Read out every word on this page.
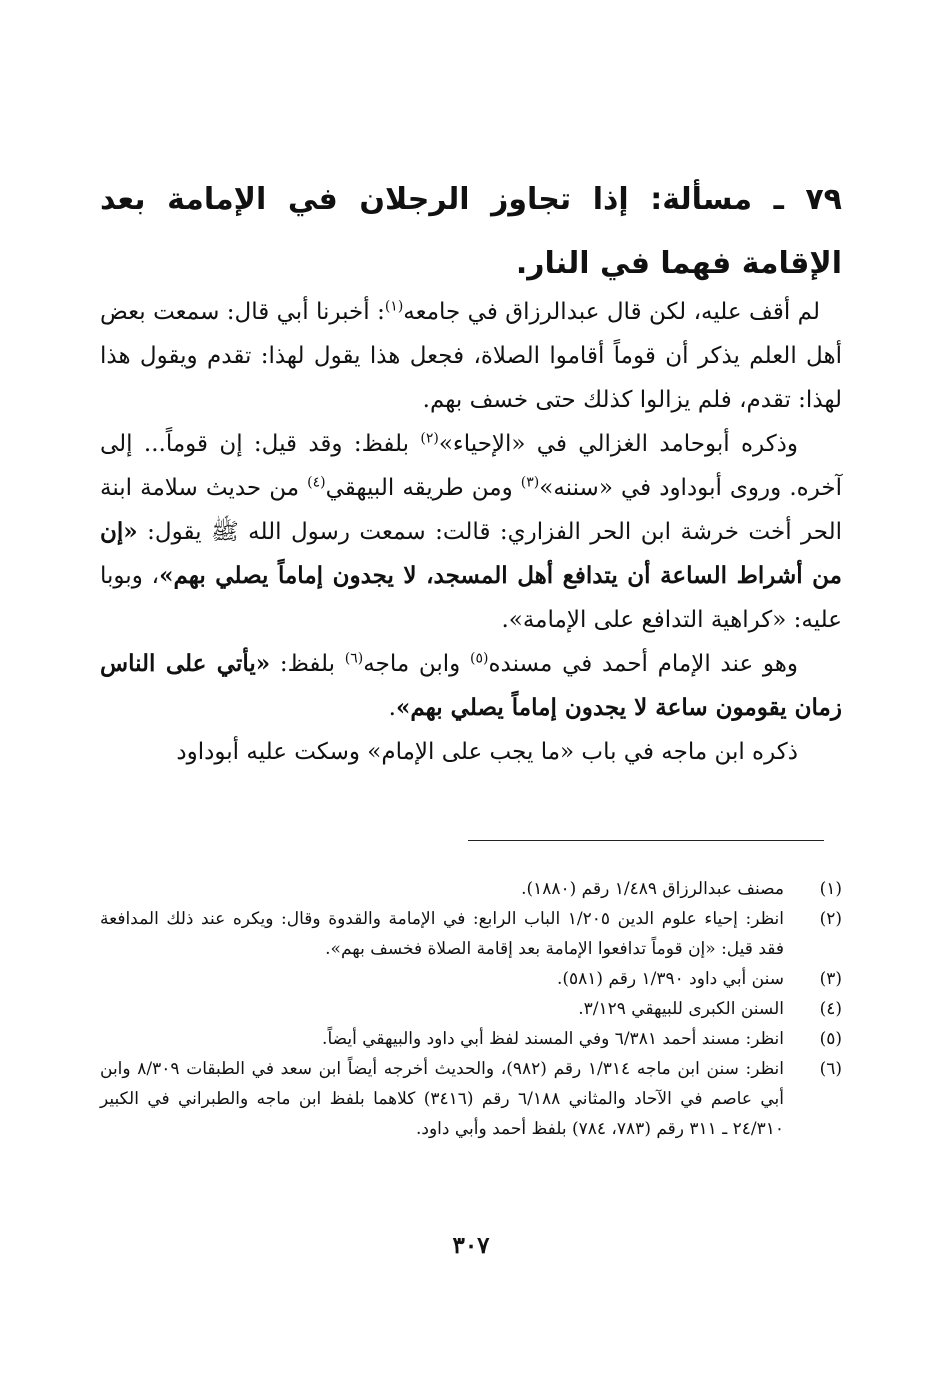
٧٩ ـ مسألة: إذا تجاوز الرجلان في الإمامة بعد الإقامة فهما في النار.

لم أقف عليه، لكن قال عبدالرزاق في جامعه$^{(١)}$: أخبرنا أبي قال: سمعت بعض أهل العلم يذكر أن قوماً أقاموا الصلاة، فجعل هذا يقول لهذا: تقدم ويقول هذا لهذا: تقدم، فلم يزالوا كذلك حتى خسف بهم.

وذكره أبوحامد الغزالي في «الإحياء»$^{(٢)}$ بلفظ: وقد قيل: إن قوماً... إلى آخره. وروى أبوداود في «سننه»$^{(٣)}$ ومن طريقه البيهقي$^{(٤)}$ من حديث سلامة ابنة الحر أخت خرشة ابن الحر الفزاري: قالت: سمعت رسول الله ﷺ يقول: «إن من أشراط الساعة أن يتدافع أهل المسجد، لا يجدون إماماً يصلي بهم»، وبوبا عليه: «كراهية التدافع على الإمامة».

وهو عند الإمام أحمد في مسنده$^{(٥)}$ وابن ماجه$^{(٦)}$ بلفظ: «يأتي على الناس زمان يقومون ساعة لا يجدون إماماً يصلي بهم».

ذكره ابن ماجه في باب «ما يجب على الإمام» وسكت عليه أبوداود

(١)
مصنف عبدالرزاق ١/٤٨٩ رقم (١٨٨٠).

(٢)
انظر: إحياء علوم الدين ١/٢٠٥ الباب الرابع: في الإمامة والقدوة وقال: ويكره عند ذلك المدافعة فقد قيل: «إن قوماً تدافعوا الإمامة بعد إقامة الصلاة فخسف بهم».

(٣)
سنن أبي داود ١/٣٩٠ رقم (٥٨١).

(٤)
السنن الكبرى للبيهقي ٣/١٢٩.

(٥)
انظر: مسند أحمد ٦/٣٨١ وفي المسند لفظ أبي داود والبيهقي أيضاً.

(٦)
انظر: سنن ابن ماجه ١/٣١٤ رقم (٩٨٢)، والحديث أخرجه أيضاً ابن سعد في الطبقات ٨/٣٠٩ وابن أبي عاصم في الآحاد والمثاني ٦/١٨٨ رقم (٣٤١٦) كلاهما بلفظ ابن ماجه والطبراني في الكبير ٢٤/٣١٠ ـ ٣١١ رقم (٧٨٣، ٧٨٤) بلفظ أحمد وأبي داود.

٣٠٧
